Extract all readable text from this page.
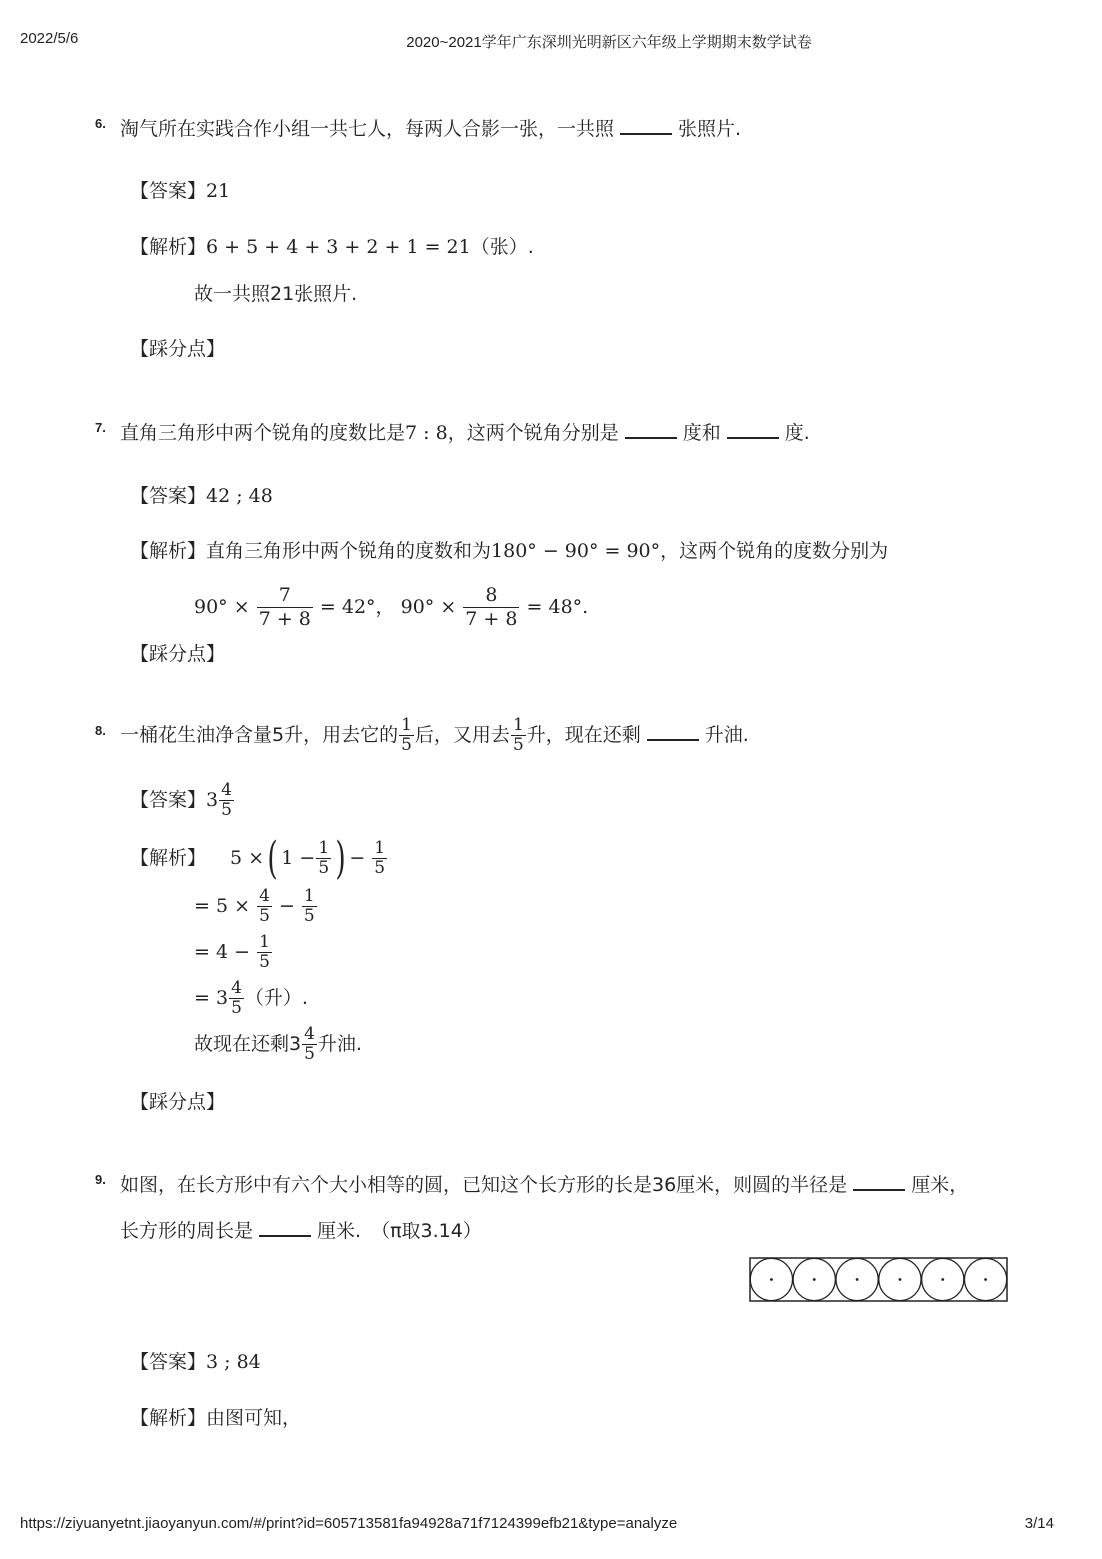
2022/5/6	2020~2021学年广东深圳光明新区六年级上学期期末数学试卷
6. 淘气所在实践合作小组一共七人，每两人合影一张，一共照	张照片.
【答案】21
【解析】6 + 5 + 4 + 3 + 2 + 1 = 21（张）.
故一共照21张照片.
【踩分点】
7. 直角三角形中两个锐角的度数比是7 : 8，这两个锐角分别是	度和	度.
【答案】42 ; 48
【解析】直角三角形中两个锐角的度数和为180° − 90° = 90°，这两个锐角的度数分别为
$90^\circ \times \frac{7}{7 + 8} = 42^\circ$， $90^\circ \times \frac{8}{7 + 8} = 48^\circ$.
【踩分点】
8. 一桶花生油净含量5升，用去它的 $\frac{1}{5}$ 后，又用去 $\frac{1}{5}$ 升，现在还剩	升油.
【答案】$3 \frac{4}{5}$
【解析】 5 ×( $1 - \frac{1}{5}$ ) − $\frac{1}{5}$
= $5 \times \frac{4}{5} - \frac{1}{5}$
= $4 - \frac{1}{5}$
= $3 \frac{4}{5}$ （升）.
故现在还剩$3 \frac{4}{5}$ 升油.
【踩分点】
9. 如图，在长方形中有六个大小相等的圆，已知这个长方形的长是36厘米，则圆的半径是	厘米，
长方形的周长是	厘米. （π取3.14）
【答案】3 ; 84
【解析】由图可知，
https://ziyuanyetnt.jiaoyanyun.com/#/print?id=605713581fa94928a71f7124399efb21&type=analyze	3/14
